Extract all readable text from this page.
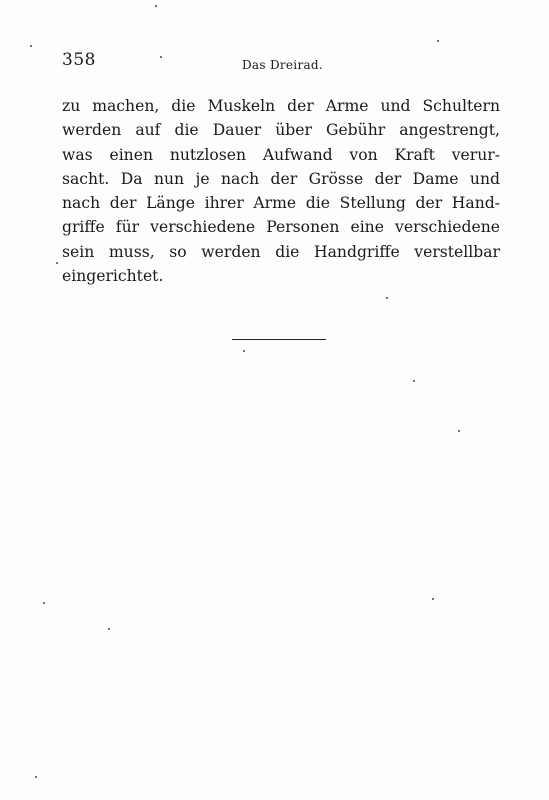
358	Das Dreirad.
zu machen, die Muskeln der Arme und Schultern
werden auf die Dauer über Gebühr angestrengt,
was einen nutzlosen Aufwand von Kraft verur-
sacht. Da nun je nach der Grösse der Dame und
nach der Länge ihrer Arme die Stellung der Hand-
griffe für verschiedene Personen eine verschiedene
sein muss, so werden die Handgriffe verstellbar
eingerichtet.
